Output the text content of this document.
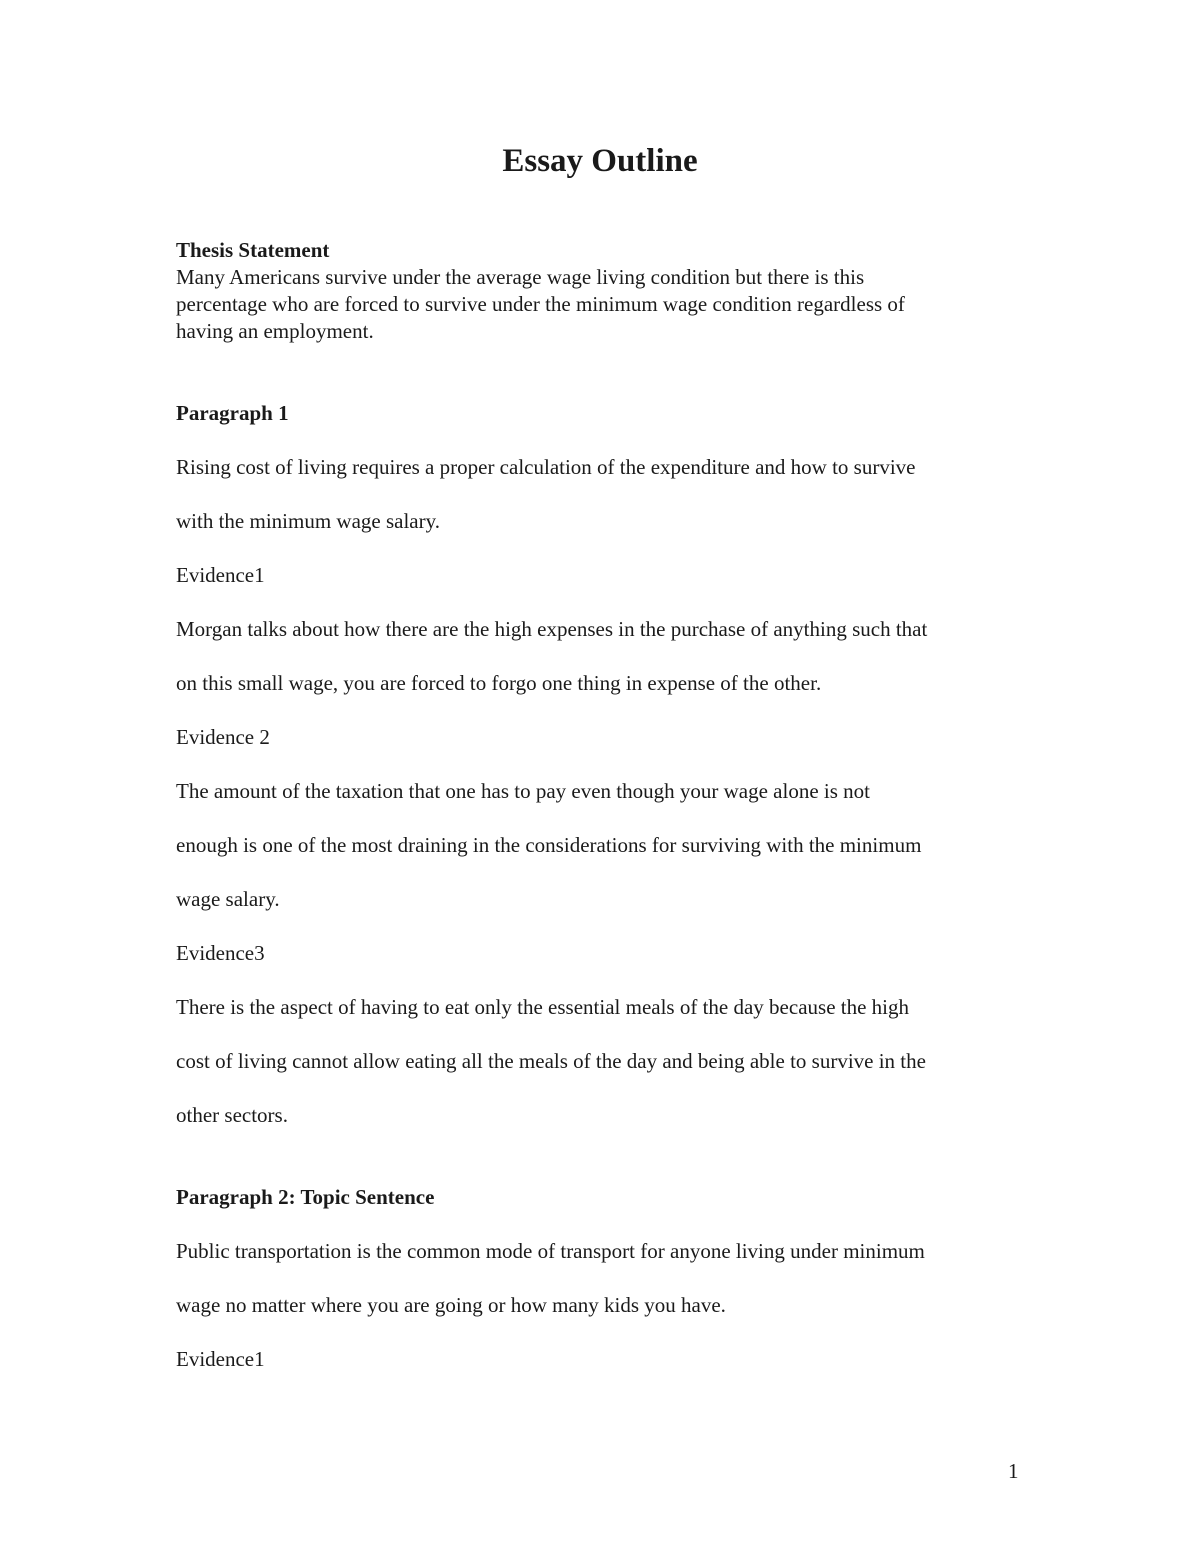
Essay Outline

Thesis Statement

Many Americans survive under the average wage living condition but there is this

percentage who are forced to survive under the minimum wage condition regardless of

having an employment.

Paragraph 1

Rising cost of living requires a proper calculation of the expenditure and how to survive

with the minimum wage salary.

Evidence1

Morgan talks about how there are the high expenses in the purchase of anything such that

on this small wage, you are forced to forgo one thing in expense of the other.

Evidence 2

The amount of the taxation that one has to pay even though your wage alone is not

enough is one of the most draining in the considerations for surviving with the minimum

wage salary.

Evidence3

There is the aspect of having to eat only the essential meals of the day because the high

cost of living cannot allow eating all the meals of the day and being able to survive in the

other sectors.

Paragraph 2: Topic Sentence

Public transportation is the common mode of transport for anyone living under minimum

wage no matter where you are going or how many kids you have.

Evidence1

1
